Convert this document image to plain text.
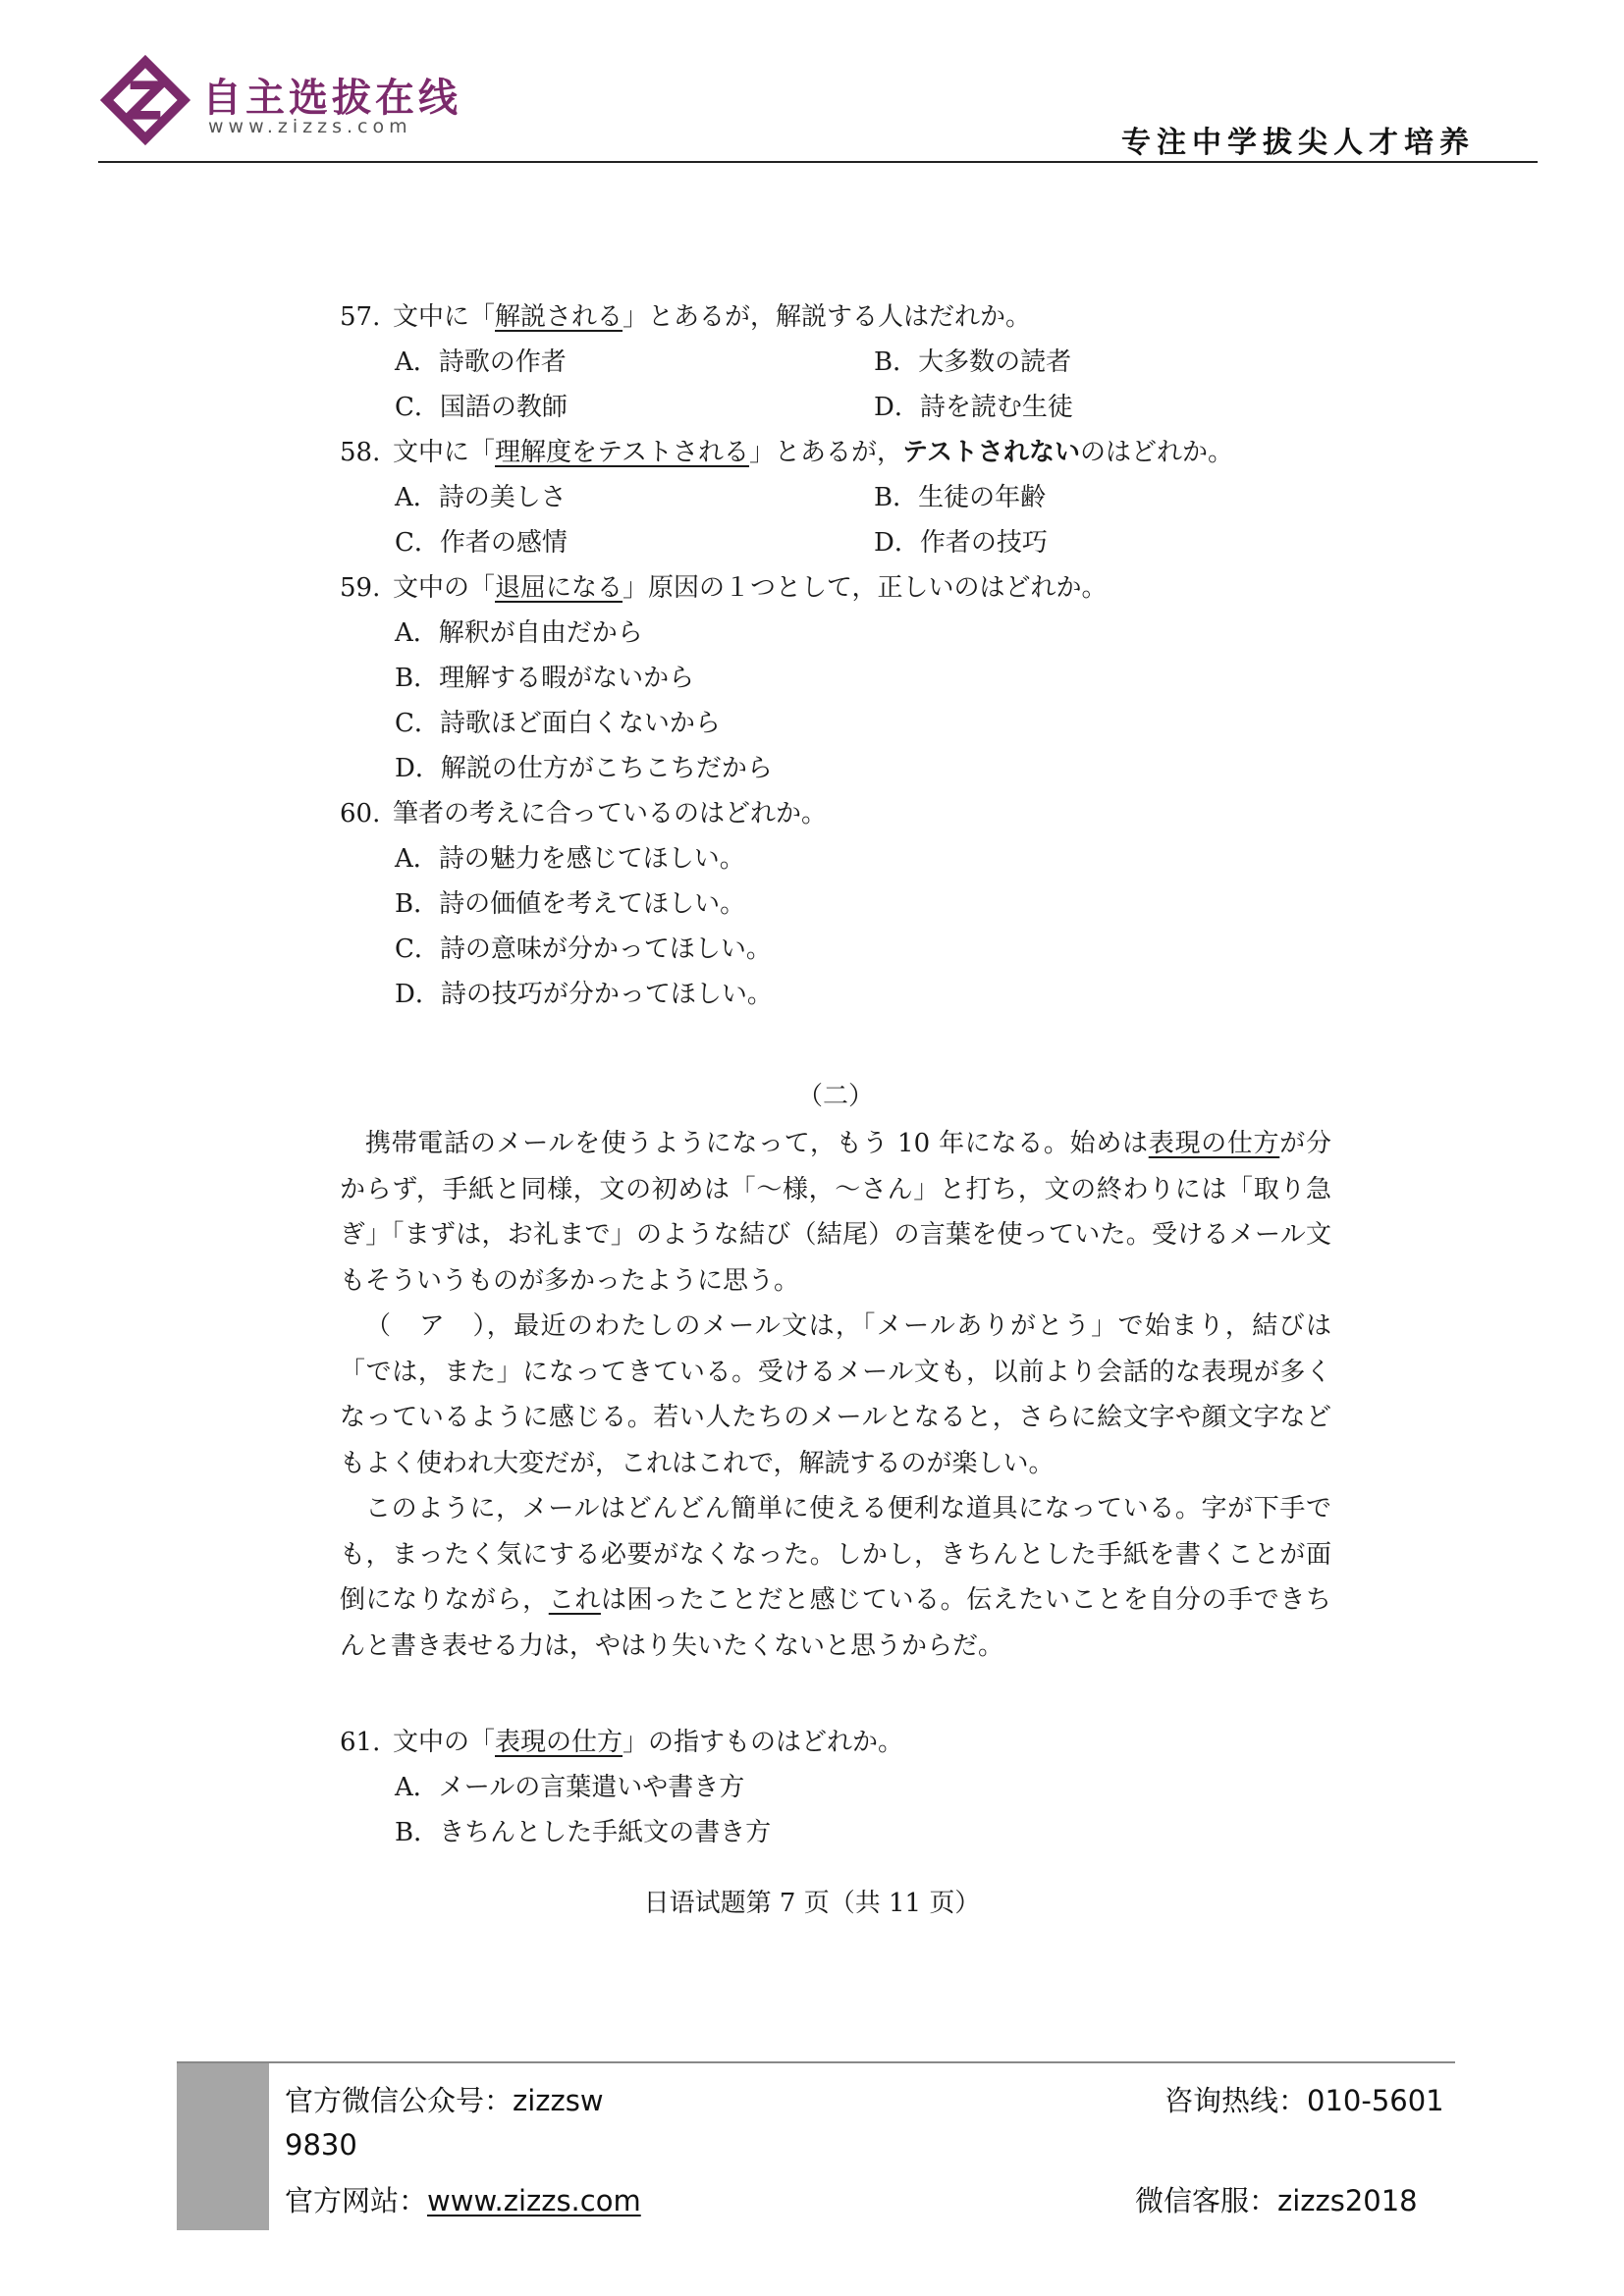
自主选拔在线
www.zizzs.com	专注中学拔尖人才培养
57. 文中に「解説される」とあるが，解説する人はだれか。
A．詩歌の作者	B．大多数の読者
C．国語の教師	D．詩を読む生徒
58. 文中に「理解度をテストされる」とあるが，テストされないのはどれか。
A．詩の美しさ	B．生徒の年齢
C．作者の感情	D．作者の技巧
59. 文中の「退屈になる」原因の１つとして，正しいのはどれか。
A．解釈が自由だから
B．理解する暇がないから
C．詩歌ほど面白くないから
D．解説の仕方がこちこちだから
60. 筆者の考えに合っているのはどれか。
A．詩の魅力を感じてほしい。
B．詩の価値を考えてほしい。
C．詩の意味が分かってほしい。
D．詩の技巧が分かってほしい。
（二）

携帯電話のメールを使うようになって，もう 10 年になる。始めは表現の仕方が分からず，手紙と同様，文の初めは「～様，～さん」と打ち，文の終わりには「取り急ぎ」「まずは，お礼まで」のような結び（結尾）の言葉を使っていた。受けるメール文もそういうものが多かったように思う。

（　ア　），最近のわたしのメール文は，「メールありがとう」で始まり，結びは「では，また」になってきている。受けるメール文も，以前より会話的な表現が多くなっているように感じる。若い人たちのメールとなると，さらに絵文字や顔文字などもよく使われ大変だが，これはこれで，解読するのが楽しい。

このように，メールはどんどん簡単に使える便利な道具になっている。字が下手でも，まったく気にする必要がなくなった。しかし，きちんとした手紙を書くことが面倒になりながら，これは困ったことだと感じている。伝えたいことを自分の手できちんと書き表せる力は，やはり失いたくないと思うからだ。

61. 文中の「表現の仕方」の指すものはどれか。
A．メールの言葉遣いや書き方
B．きちんとした手紙文の書き方
日语试题第 7 页（共 11 页）
官方微信公众号：zizzsw
9830
官方网站：www.zizzs.com
咨询热线：010-5601
微信客服：zizzs2018
